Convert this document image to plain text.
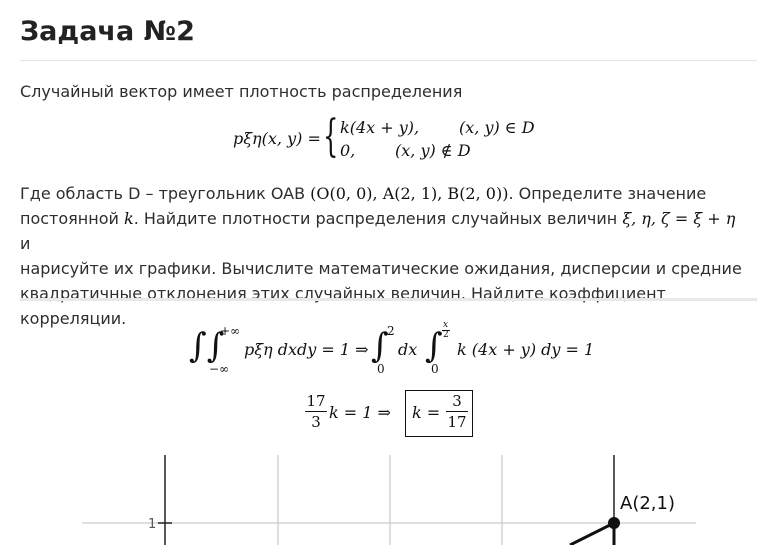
Задача №2

Случайный вектор имеет плотность распределения

pξη(x, y) = { k(4x + y), (x, y) ∈ D
0, (x, y) ∉ D
Где область D – треугольник OAB (O(0, 0), A(2, 1), B(2, 0)). Определите значение
постоянной k. Найдите плотности распределения случайных величин ξ, η, ζ = ξ + η и
нарисуйте их графики. Вычислите математические ожидания, дисперсии и средние
квадратичные отклонения этих случайных величин. Найдите коэффициент корреляции.
∫∫
+∞
−∞
pξη dxdy = 1 ⇒ ∫
2
0
dx ∫
x
2
0
k (4x + y) dy = 1
17
3 k = 1 ⇒ k =
3
17
1
A(2,1)
